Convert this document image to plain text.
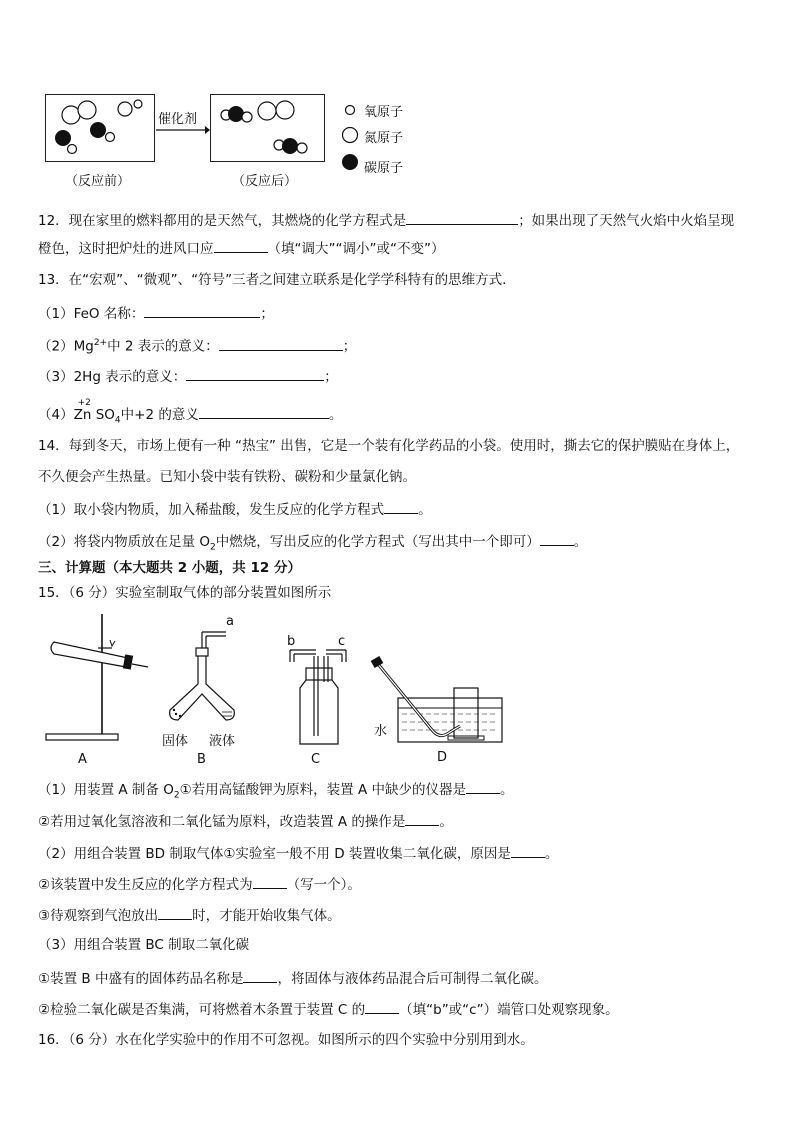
催化剂
（反应前）	（反应后）
氧原子
氮原子
碳原子
12．现在家里的燃料都用的是天然气，其燃烧的化学方程式是	；如果出现了天然气火焰中火焰呈现
橙色，这时把炉灶的进风口应	（填“调大”“调小”或“不变”）
13．在“宏观”、“微观”、“符号”三者之间建立联系是化学学科特有的思维方式.
（1）FeO 名称：	；
$(2)Mg^{2+}$中 2 表示的意义：	；
（3）2Hg 表示的意义：	；
（4）
+2
Zn $SO_4$中+2 的意义	。
14．每到冬天，市场上便有一种 “热宝” 出售，它是一个装有化学药品的小袋。使用时，撕去它的保护膜贴在身体上，
不久便会产生热量。已知小袋中装有铁粉、碳粉和少量氯化钠。
（1）取小袋内物质，加入稀盐酸，发生反应的化学方程式	。
（2）将袋内物质放在足量 $O_2$中燃烧，写出反应的化学方程式（写出其中一个即可）	。
三、计算题（本大题共 2 小题，共 12 分）
15．（6 分）实验室制取气体的部分装置如图所示
a
b	c
水
固体 液体
A	B	C	D
（1）用装置 A 制备 $O_2①$若用高锰酸钾为原料，装置 A 中缺少的仪器是	。
②若用过氧化氢溶液和二氧化锰为原料，改造装置 A 的操作是	。
（2）用组合装置 BD 制取气体①实验室一般不用 D 装置收集二氧化碳，原因是	。
②该装置中发生反应的化学方程式为	（写一个）。
③待观察到气泡放出	时，才能开始收集气体。
（3）用组合装置 BC 制取二氧化碳
①装置 B 中盛有的固体药品名称是	，将固体与液体药品混合后可制得二氧化碳。
②检验二氧化碳是否集满，可将燃着木条置于装置 C 的	（填“b”或“c”）端管口处观察现象。
16．（6 分）水在化学实验中的作用不可忽视。如图所示的四个实验中分别用到水。
